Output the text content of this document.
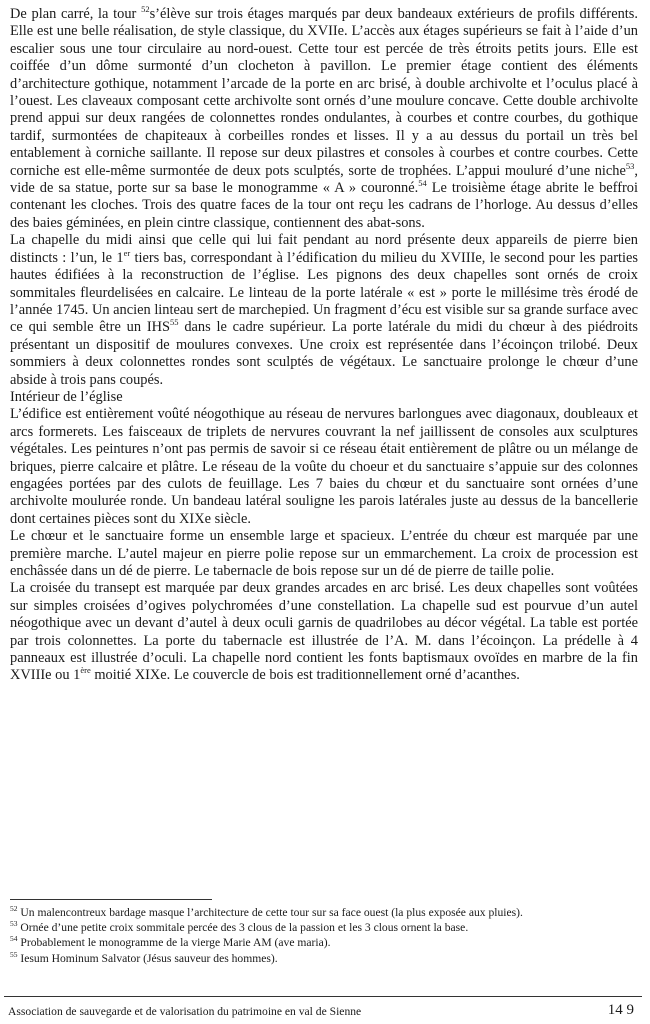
De plan carré, la tour $^{52}$s’élève sur trois étages marqués par deux bandeaux extérieurs de profils différents. Elle est une belle réalisation, de style classique, du XVIIe. L’accès aux étages supérieurs se fait à l’aide d’un escalier sous une tour circulaire au nord-ouest. Cette tour est percée de très étroits petits jours. Elle est coiffée d’un dôme surmonté d’un clocheton à pavillon. Le premier étage contient des éléments d’architecture gothique, notamment l’arcade de la porte en arc brisé, à double archivolte et l’oculus placé à l’ouest. Les claveaux composant cette archivolte sont ornés d’une moulure concave. Cette double archivolte prend appui sur deux rangées de colonnettes rondes ondulantes, à courbes et contre courbes, du gothique tardif, surmontées de chapiteaux à corbeilles rondes et lisses. Il y a au dessus du portail un très bel entablement à corniche saillante. Il repose sur deux pilastres et consoles à courbes et contre courbes. Cette corniche est elle-même surmontée de deux pots sculptés, sorte de trophées. L’appui mouluré d’une niche$^{53}$, vide de sa statue, porte sur sa base le monogramme « A » couronné.$^{54}$ Le troisième étage abrite le beffroi contenant les cloches. Trois des quatre faces de la tour ont reçu les cadrans de l’horloge. Au dessus d’elles des baies géminées, en plein cintre classique, contiennent des abat-sons.

La chapelle du midi ainsi que celle qui lui fait pendant au nord présente deux appareils de pierre bien distincts : l’un, le 1er tiers bas, correspondant à l’édification du milieu du XVIIIe, le second pour les parties hautes édifiées à la reconstruction de l’église. Les pignons des deux chapelles sont ornés de croix sommitales fleurdelisées en calcaire. Le linteau de la porte latérale « est » porte le millésime très érodé de l’année 1745. Un ancien linteau sert de marchepied. Un fragment d’écu est visible sur sa grande surface avec ce qui semble être un IHS$^{55}$ dans le cadre supérieur. La porte latérale du midi du chœur à des piédroits présentant un dispositif de moulures convexes. Une croix est représentée dans l’écoinçon trilobé. Deux sommiers à deux colonnettes rondes sont sculptés de végétaux. Le sanctuaire prolonge le chœur d’une abside à trois pans coupés.

Intérieur de l’église

L’édifice est entièrement voûté néogothique au réseau de nervures barlongues avec diagonaux, doubleaux et arcs formerets. Les faisceaux de triplets de nervures couvrant la nef jaillissent de consoles aux sculptures végétales. Les peintures n’ont pas permis de savoir si ce réseau était entièrement de plâtre ou un mélange de briques, pierre calcaire et plâtre. Le réseau de la voûte du choeur et du sanctuaire s’appuie sur des colonnes engagées portées par des culots de feuillage. Les 7 baies du chœur et du sanctuaire sont ornées d’une archivolte moulurée ronde. Un bandeau latéral souligne les parois latérales juste au dessus de la bancellerie dont certaines pièces sont du XIXe siècle.

Le chœur et le sanctuaire forme un ensemble large et spacieux. L’entrée du chœur est marquée par une première marche. L’autel majeur en pierre polie repose sur un emmarchement. La croix de procession est enchâssée dans un dé de pierre. Le tabernacle de bois repose sur un dé de pierre de taille polie.

La croisée du transept est marquée par deux grandes arcades en arc brisé. Les deux chapelles sont voûtées sur simples croisées d’ogives polychromées d’une constellation. La chapelle sud est pourvue d’un autel néogothique avec un devant d’autel à deux oculi garnis de quadrilobes au décor végétal. La table est portée par trois colonnettes. La porte du tabernacle est illustrée de l’A. M. dans l’écoinçon. La prédelle à 4 panneaux est illustrée d’oculi. La chapelle nord contient les fonts baptismaux ovoïdes en marbre de la fin XVIIIe ou 1ère moitié XIXe. Le couvercle de bois est traditionnellement orné d’acanthes.

$^{52}$ Un malencontreux bardage masque l’architecture de cette tour sur sa face ouest (la plus exposée aux pluies).

$^{53}$ Ornée d’une petite croix sommitale percée des 3 clous de la passion et les 3 clous ornent la base.

$^{54}$ Probablement le monogramme de la vierge Marie AM (ave maria).

$^{55}$ Iesum Hominum Salvator (Jésus sauveur des hommes).

Association de sauvegarde et de valorisation du patrimoine en val de Sienne	14 9
